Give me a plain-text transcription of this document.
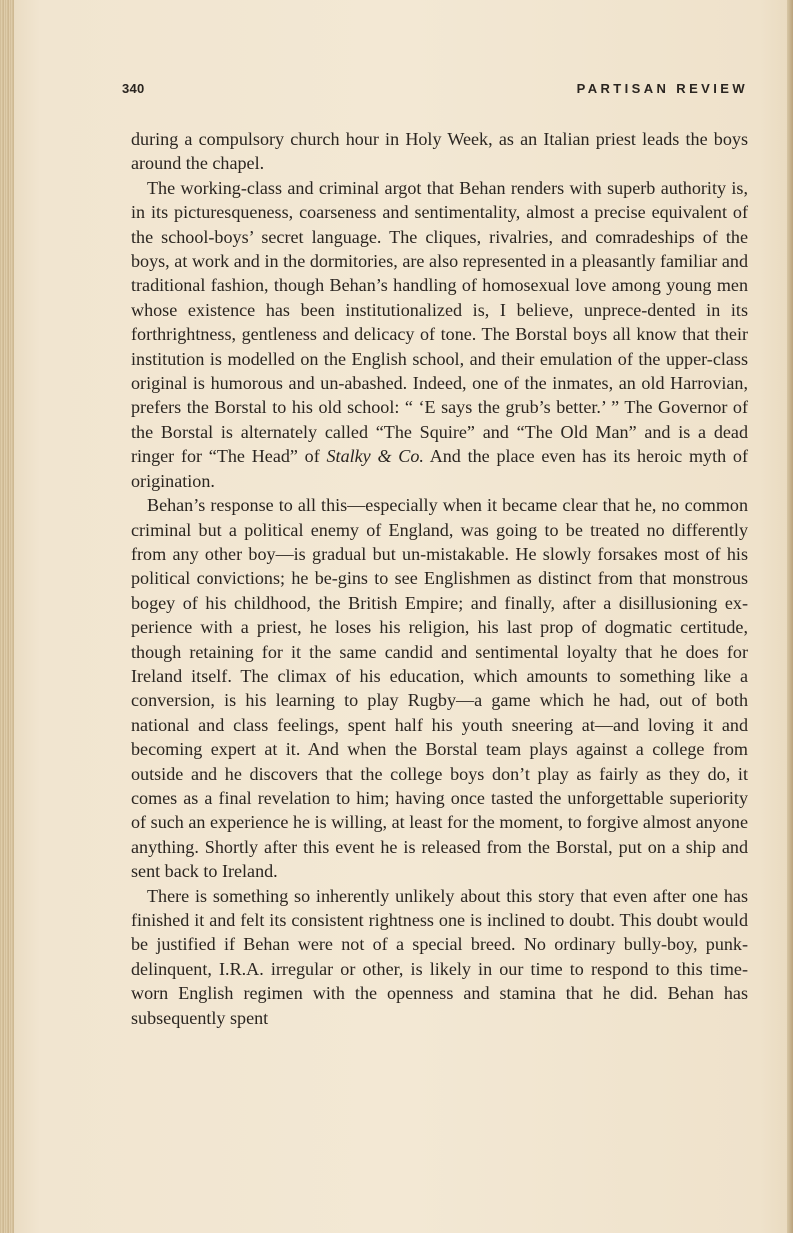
340	PARTISAN REVIEW

during a compulsory church hour in Holy Week, as an Italian priest leads the boys around the chapel.

The working-class and criminal argot that Behan renders with superb authority is, in its picturesqueness, coarseness and sentimentality, almost a precise equivalent of the school-boys’ secret language. The cliques, rivalries, and comradeships of the boys, at work and in the dormitories, are also represented in a pleasantly familiar and traditional fashion, though Behan’s handling of homosexual love among young men whose existence has been institutionalized is, I believe, unprece-dented in its forthrightness, gentleness and delicacy of tone. The Borstal boys all know that their institution is modelled on the English school, and their emulation of the upper-class original is humorous and un-abashed. Indeed, one of the inmates, an old Harrovian, prefers the Borstal to his old school: “ ‘E says the grub’s better.’ ” The Governor of the Borstal is alternately called “The Squire” and “The Old Man” and is a dead ringer for “The Head” of Stalky & Co. And the place even has its heroic myth of origination.

Behan’s response to all this—especially when it became clear that he, no common criminal but a political enemy of England, was going to be treated no differently from any other boy—is gradual but un-mistakable. He slowly forsakes most of his political convictions; he be-gins to see Englishmen as distinct from that monstrous bogey of his childhood, the British Empire; and finally, after a disillusioning ex-perience with a priest, he loses his religion, his last prop of dogmatic certitude, though retaining for it the same candid and sentimental loyalty that he does for Ireland itself. The climax of his education, which amounts to something like a conversion, is his learning to play Rugby—a game which he had, out of both national and class feelings, spent half his youth sneering at—and loving it and becoming expert at it. And when the Borstal team plays against a college from outside and he discovers that the college boys don’t play as fairly as they do, it comes as a final revelation to him; having once tasted the unforgettable superiority of such an experience he is willing, at least for the moment, to forgive almost anyone anything. Shortly after this event he is released from the Borstal, put on a ship and sent back to Ireland.

There is something so inherently unlikely about this story that even after one has finished it and felt its consistent rightness one is inclined to doubt. This doubt would be justified if Behan were not of a special breed. No ordinary bully-boy, punk-delinquent, I.R.A. irregular or other, is likely in our time to respond to this time-worn English regimen with the openness and stamina that he did. Behan has subsequently spent
